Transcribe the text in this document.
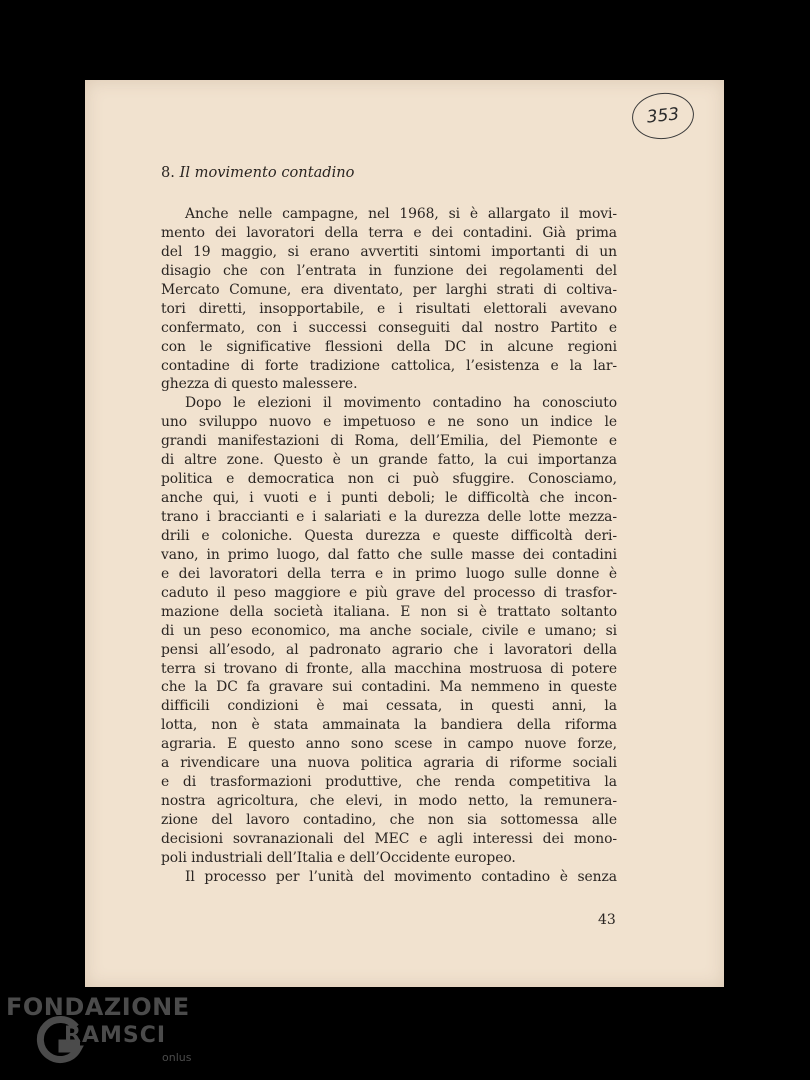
353
8. Il movimento contadino
Anche nelle campagne, nel 1968, si è allargato il movi-
mento dei lavoratori della terra e dei contadini. Già prima
del 19 maggio, si erano avvertiti sintomi importanti di un
disagio che con l’entrata in funzione dei regolamenti del
Mercato Comune, era diventato, per larghi strati di coltiva-
tori diretti, insopportabile, e i risultati elettorali avevano
confermato, con i successi conseguiti dal nostro Partito e
con le significative flessioni della DC in alcune regioni
contadine di forte tradizione cattolica, l’esistenza e la lar-
ghezza di questo malessere.
Dopo le elezioni il movimento contadino ha conosciuto
uno sviluppo nuovo e impetuoso e ne sono un indice le
grandi manifestazioni di Roma, dell’Emilia, del Piemonte e
di altre zone. Questo è un grande fatto, la cui importanza
politica e democratica non ci può sfuggire. Conosciamo,
anche qui, i vuoti e i punti deboli; le difficoltà che incon-
trano i braccianti e i salariati e la durezza delle lotte mezza-
drili e coloniche. Questa durezza e queste difficoltà deri-
vano, in primo luogo, dal fatto che sulle masse dei contadini
e dei lavoratori della terra e in primo luogo sulle donne è
caduto il peso maggiore e più grave del processo di trasfor-
mazione della società italiana. E non si è trattato soltanto
di un peso economico, ma anche sociale, civile e umano; si
pensi all’esodo, al padronato agrario che i lavoratori della
terra si trovano di fronte, alla macchina mostruosa di potere
che la DC fa gravare sui contadini. Ma nemmeno in queste
difficili condizioni è mai cessata, in questi anni, la
lotta, non è stata ammainata la bandiera della riforma
agraria. E questo anno sono scese in campo nuove forze,
a rivendicare una nuova politica agraria di riforme sociali
e di trasformazioni produttive, che renda competitiva la
nostra agricoltura, che elevi, in modo netto, la remunera-
zione del lavoro contadino, che non sia sottomessa alle
decisioni sovranazionali del MEC e agli interessi dei mono-
poli industriali dell’Italia e dell’Occidente europeo.
Il processo per l’unità del movimento contadino è senza
43
FONDAZIONE
RAMSCI
onlus
